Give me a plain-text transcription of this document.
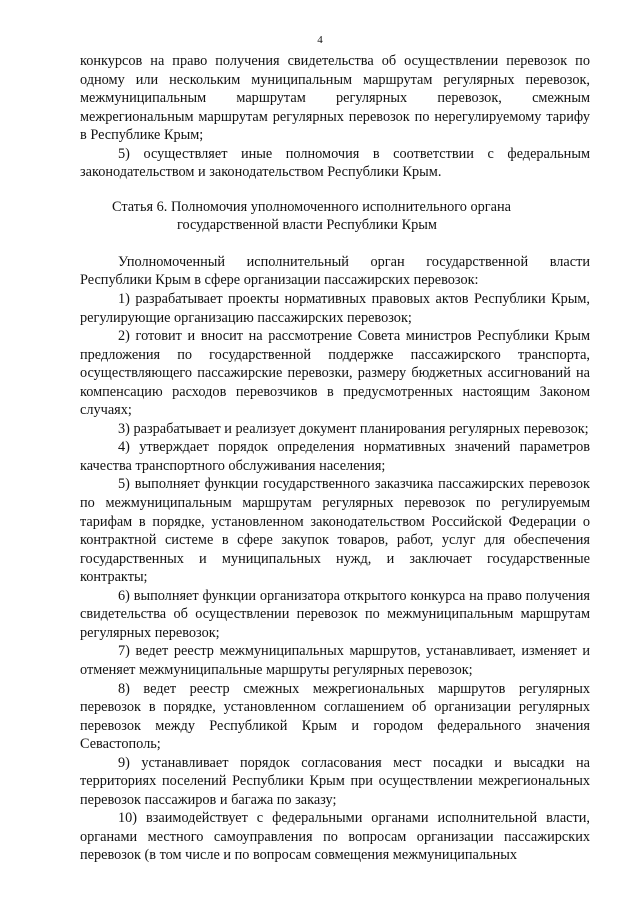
4

конкурсов на право получения свидетельства об осуществлении перевозок по одному или нескольким муниципальным маршрутам регулярных перевозок, межмуниципальным маршрутам регулярных перевозок, смежным межрегиональным маршрутам регулярных перевозок по нерегулируемому тарифу в Республике Крым;

5) осуществляет иные полномочия в соответствии с федеральным законодательством и законодательством Республики Крым.

Статья 6. Полномочия уполномоченного исполнительного органа

государственной власти Республики Крым

Уполномоченный исполнительный орган государственной власти Республики Крым в сфере организации пассажирских перевозок:

1) разрабатывает проекты нормативных правовых актов Республики Крым, регулирующие организацию пассажирских перевозок;

2) готовит и вносит на рассмотрение Совета министров Республики Крым предложения по государственной поддержке пассажирского транспорта, осуществляющего пассажирские перевозки, размеру бюджетных ассигнований на компенсацию расходов перевозчиков в предусмотренных настоящим Законом случаях;

3) разрабатывает и реализует документ планирования регулярных перевозок;

4) утверждает порядок определения нормативных значений параметров качества транспортного обслуживания населения;

5) выполняет функции государственного заказчика пассажирских перевозок по межмуниципальным маршрутам регулярных перевозок по регулируемым тарифам в порядке, установленном законодательством Российской Федерации о контрактной системе в сфере закупок товаров, работ, услуг для обеспечения государственных и муниципальных нужд, и заключает государственные контракты;

6) выполняет функции организатора открытого конкурса на право получения свидетельства об осуществлении перевозок по межмуниципальным маршрутам регулярных перевозок;

7) ведет реестр межмуниципальных маршрутов, устанавливает, изменяет и отменяет межмуниципальные маршруты регулярных перевозок;

8) ведет реестр смежных межрегиональных маршрутов регулярных перевозок в порядке, установленном соглашением об организации регулярных перевозок между Республикой Крым и городом федерального значения Севастополь;

9) устанавливает порядок согласования мест посадки и высадки на территориях поселений Республики Крым при осуществлении межрегиональных перевозок пассажиров и багажа по заказу;

10) взаимодействует с федеральными органами исполнительной власти, органами местного самоуправления по вопросам организации пассажирских перевозок (в том числе и по вопросам совмещения межмуниципальных
